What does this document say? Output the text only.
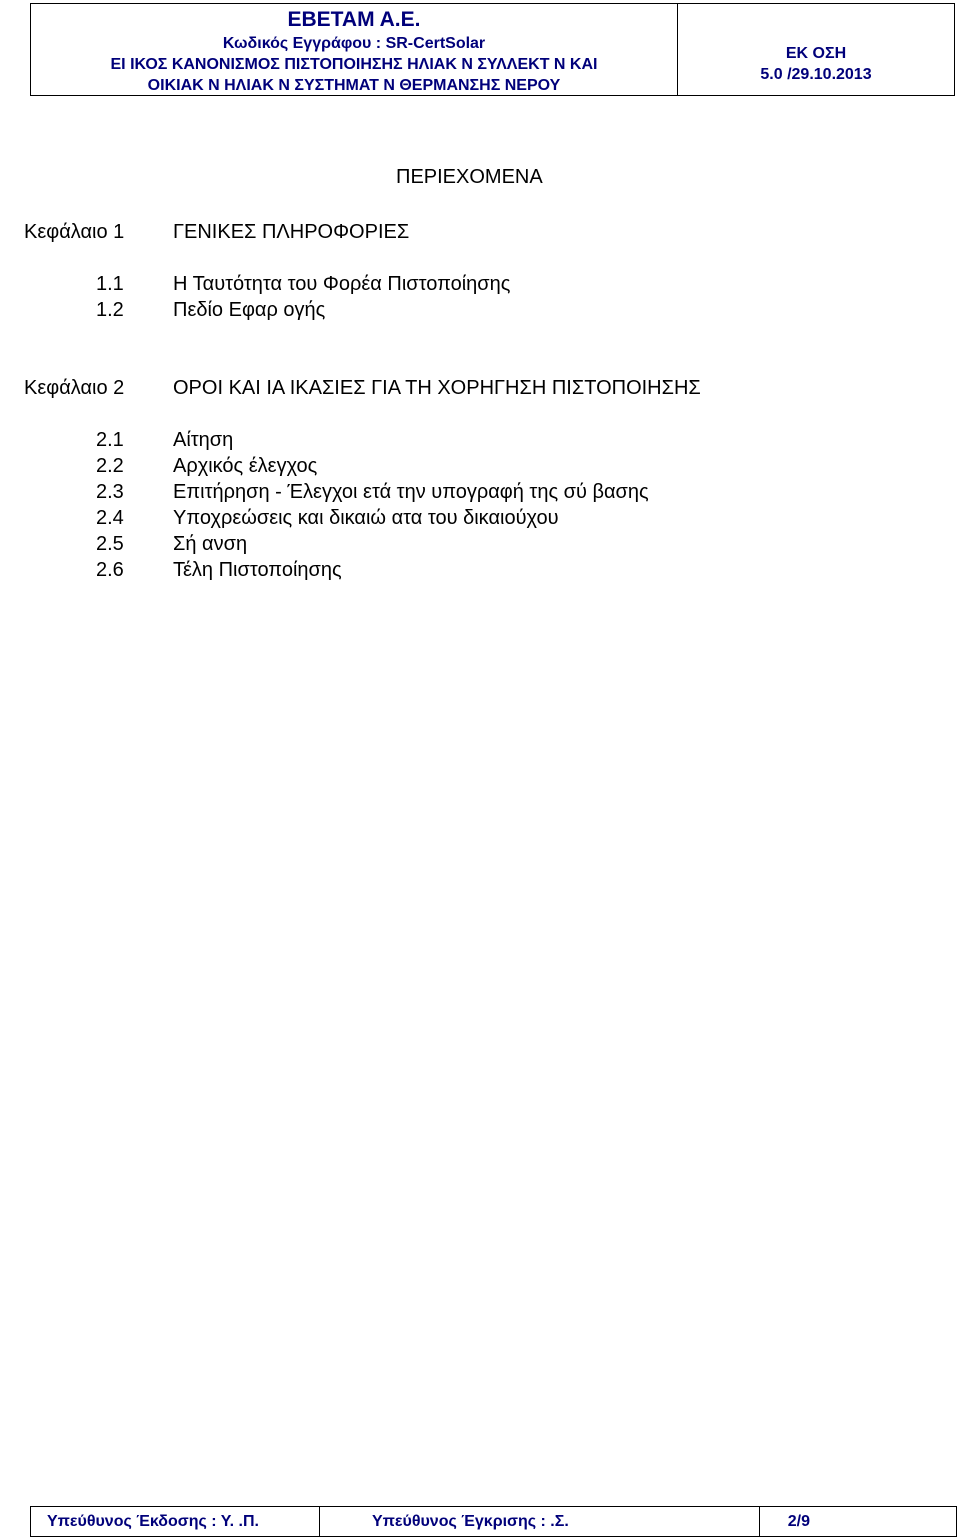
ΕΒΕΤΑΜ Α.Ε.
Κωδικός Εγγράφου : SR-CertSolar
ΕΙ ΙΚΟΣ ΚΑΝΟΝΙΣΜΟΣ ΠΙΣΤΟΠΟΙΗΣΗΣ ΗΛΙΑΚ Ν ΣΥΛΛΕΚΤ Ν ΚΑΙ
ΟΙΚΙΑΚ Ν ΗΛΙΑΚ Ν ΣΥΣΤΗΜΑΤ Ν ΘΕΡΜΑΝΣΗΣ ΝΕΡΟΥ
ΕΚ ΟΣΗ
5.0 /29.10.2013
ΠΕΡΙΕΧΟΜΕΝΑ
Κεφάλαιο 1 ΓΕΝΙΚΕΣ ΠΛΗΡΟΦΟΡΙΕΣ
1.1 Η Ταυτότητα του Φορέα Πιστοποίησης
1.2 Πεδίο Εφαρ ογής
Κεφάλαιο 2 ΟΡΟΙ ΚΑΙ ΙΑ ΙΚΑΣΙΕΣ ΓΙΑ ΤΗ ΧΟΡΗΓΗΣΗ ΠΙΣΤΟΠΟΙΗΣΗΣ
2.1 Αίτηση
2.2 Αρχικός έλεγχος
2.3 Επιτήρηση - Έλεγχοι ετά την υπογραφή της σύ βασης
2.4 Υποχρεώσεις και δικαιώ ατα του δικαιούχου
2.5 Σή ανση
2.6 Τέλη Πιστοποίησης
Υπεύθυνος Έκδοσης : Υ. .Π.	Υπεύθυνος Έγκρισης : .Σ.	2/9
